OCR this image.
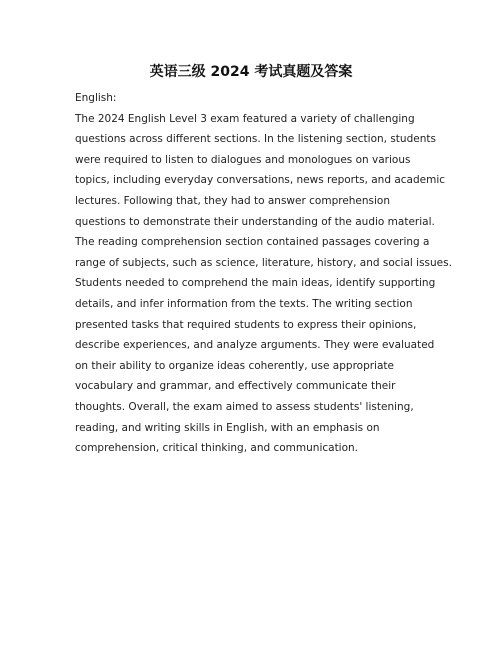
英语三级 2024 考试真题及答案

English:
The 2024 English Level 3 exam featured a variety of challenging
questions across different sections. In the listening section, students
were required to listen to dialogues and monologues on various
topics, including everyday conversations, news reports, and academic
lectures. Following that, they had to answer comprehension
questions to demonstrate their understanding of the audio material.
The reading comprehension section contained passages covering a
range of subjects, such as science, literature, history, and social issues.
Students needed to comprehend the main ideas, identify supporting
details, and infer information from the texts. The writing section
presented tasks that required students to express their opinions,
describe experiences, and analyze arguments. They were evaluated
on their ability to organize ideas coherently, use appropriate
vocabulary and grammar, and effectively communicate their
thoughts. Overall, the exam aimed to assess students' listening,
reading, and writing skills in English, with an emphasis on
comprehension, critical thinking, and communication.
